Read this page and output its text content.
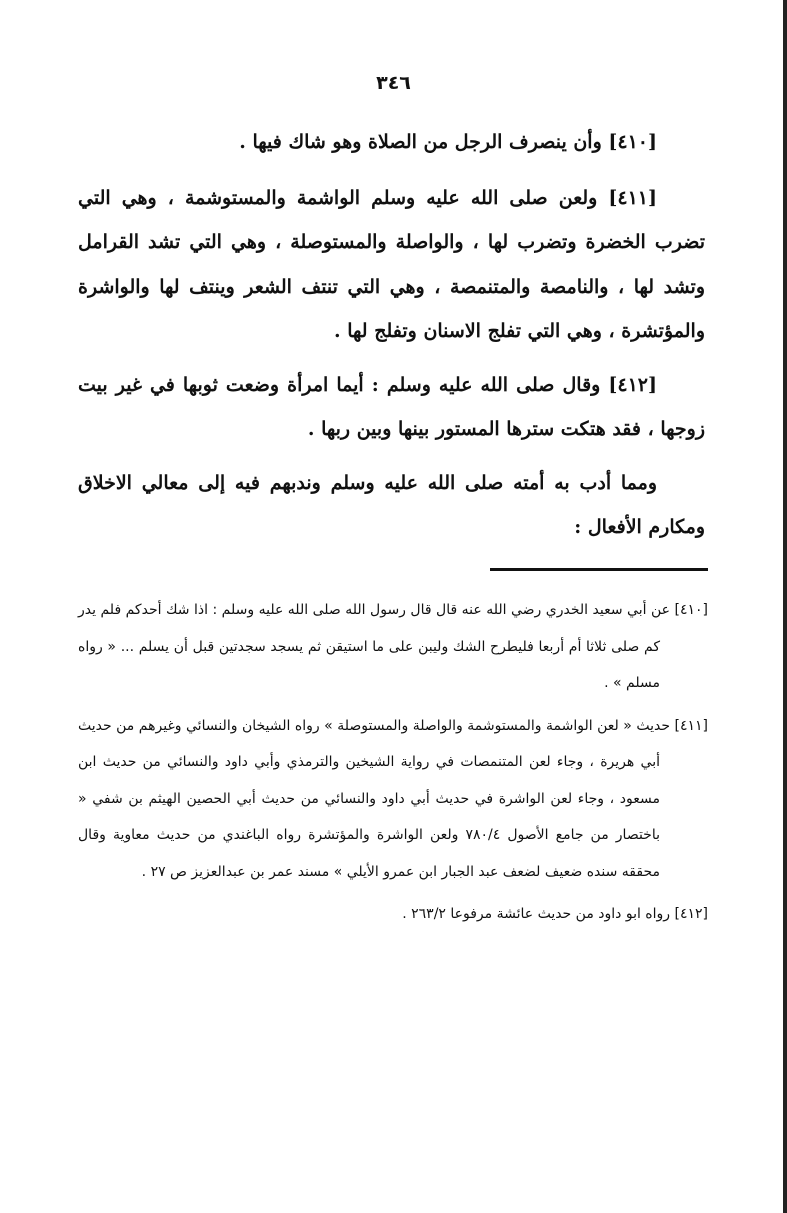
٣٤٦

[٤١٠] وأن ينصرف الرجل من الصلاة وهو شاك فيها .

[٤١١] ولعن صلى الله عليه وسلم الواشمة والمستوشمة ، وهي التي تضرب الخضرة وتضرب لها ، والواصلة والمستوصلة ، وهي التي تشد القرامل وتشد لها ، والنامصة والمتنمصة ، وهي التي تنتف الشعر وينتف لها والواشرة والمؤتشرة ، وهي التي تفلج الاسنان وتفلج لها .

[٤١٢] وقال صلى الله عليه وسلم : أيما امرأة وضعت ثوبها في غير بيت زوجها ، فقد هتكت سترها المستور بينها وبين ربها .

ومما أدب به أمته صلى الله عليه وسلم وندبهم فيه إلى معالي الاخلاق ومكارم الأفعال :

[٤١٠] عن أبي سعيد الخدري رضي الله عنه قال قال رسول الله صلى الله عليه وسلم : اذا شك أحدكم فلم يدر كم صلى ثلاثا أم أربعا فليطرح الشك وليبن على ما استيقن ثم يسجد سجدتين قبل أن يسلم ... « رواه مسلم » .

[٤١١] حديث « لعن الواشمة والمستوشمة والواصلة والمستوصلة » رواه الشيخان والنسائي وغيرهم من حديث أبي هريرة ، وجاء لعن المتنمصات في رواية الشيخين والترمذي وأبي داود والنسائي من حديث ابن مسعود ، وجاء لعن الواشرة في حديث أبي داود والنسائي من حديث أبي الحصين الهيثم بن شفي « باختصار من جامع الأصول ٧٨٠/٤ ولعن الواشرة والمؤتشرة رواه الباغندي من حديث معاوية وقال محققه سنده ضعيف لضعف عبد الجبار ابن عمرو الأيلي » مسند عمر بن عبدالعزيز ص ٢٧ .

[٤١٢] رواه ابو داود من حديث عائشة مرفوعا ٢٦٣/٢ .
